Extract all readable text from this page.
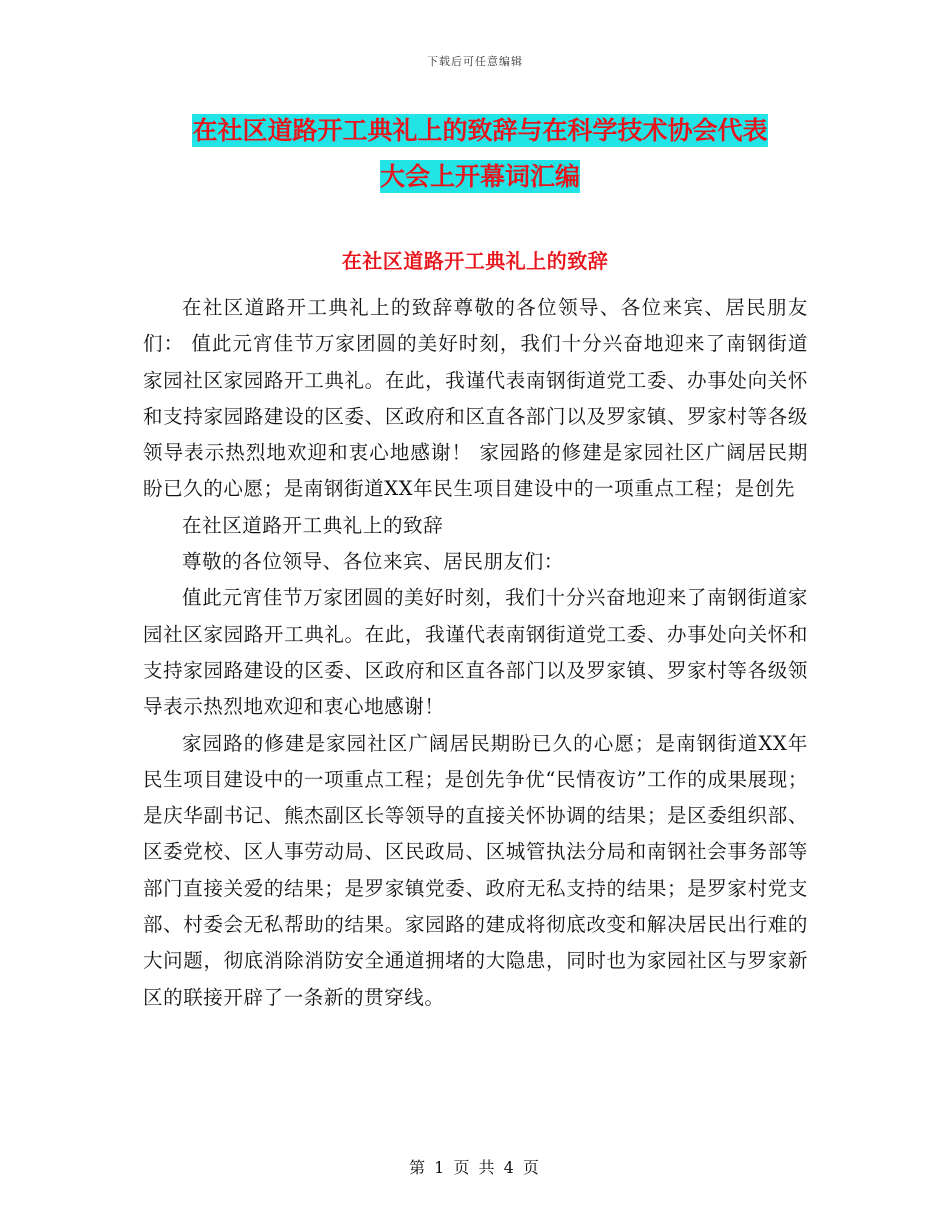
下载后可任意编辑
在社区道路开工典礼上的致辞与在科学技术协会代表
大会上开幕词汇编
在社区道路开工典礼上的致辞

在社区道路开工典礼上的致辞尊敬的各位领导、各位来宾、居民朋友们： 值此元宵佳节万家团圆的美好时刻，我们十分兴奋地迎来了南钢街道家园社区家园路开工典礼。在此，我谨代表南钢街道党工委、办事处向关怀和支持家园路建设的区委、区政府和区直各部门以及罗家镇、罗家村等各级领导表示热烈地欢迎和衷心地感谢！ 家园路的修建是家园社区广阔居民期盼已久的心愿；是南钢街道XX年民生项目建设中的一项重点工程；是创先

在社区道路开工典礼上的致辞

尊敬的各位领导、各位来宾、居民朋友们：

值此元宵佳节万家团圆的美好时刻，我们十分兴奋地迎来了南钢街道家园社区家园路开工典礼。在此，我谨代表南钢街道党工委、办事处向关怀和支持家园路建设的区委、区政府和区直各部门以及罗家镇、罗家村等各级领导表示热烈地欢迎和衷心地感谢！

家园路的修建是家园社区广阔居民期盼已久的心愿；是南钢街道XX年民生项目建设中的一项重点工程；是创先争优“民情夜访”工作的成果展现；是庆华副书记、熊杰副区长等领导的直接关怀协调的结果；是区委组织部、区委党校、区人事劳动局、区民政局、区城管执法分局和南钢社会事务部等部门直接关爱的结果；是罗家镇党委、政府无私支持的结果；是罗家村党支部、村委会无私帮助的结果。家园路的建成将彻底改变和解决居民出行难的大问题，彻底消除消防安全通道拥堵的大隐患，同时也为家园社区与罗家新区的联接开辟了一条新的贯穿线。

第 1 页 共 4 页
